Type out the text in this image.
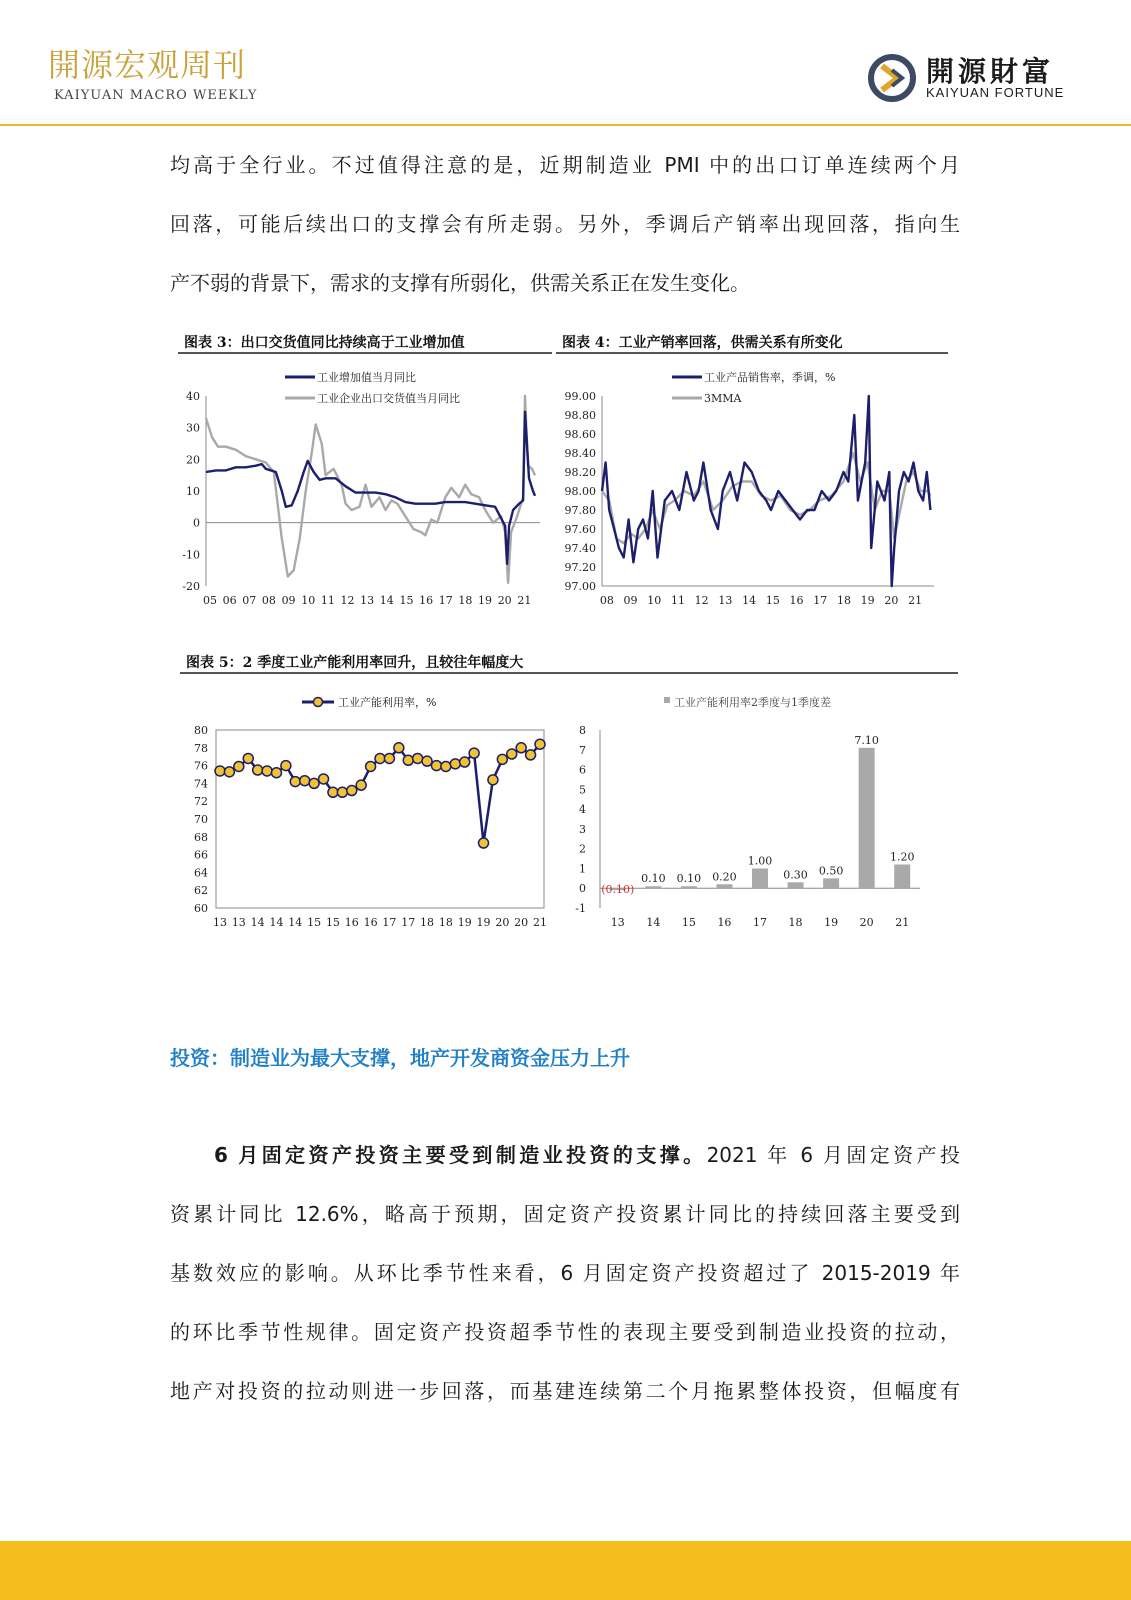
開源宏观周刊
KAIYUAN MACRO WEEKLY
開源財富
KAIYUAN FORTUNE
均高于全行业。不过值得注意的是，近期制造业 PMI 中的出口订单连续两个月
回落，可能后续出口的支撑会有所走弱。另外，季调后产销率出现回落，指向生
产不弱的背景下，需求的支撑有所弱化，供需关系正在发生变化。
图表 3：出口交货值同比持续高于工业增加值
40
30
20
10
0
-10
-20
05 06 07 08 09 10 11 12 13 14 15 16 17 18 19 20 21
工业增加值当月同比
工业企业出口交货值当月同比
图表 4：工业产销率回落，供需关系有所变化
99.00
98.80
98.60
98.40
98.20
98.00
97.80
97.60
97.40
97.20
97.00
08 09 10 11 12 13 14 15 16 17 18 19 20 21
工业产品销售率，季调，%
3MMA
图表 5：2 季度工业产能利用率回升，且较往年幅度大
80
78
76
74
72
70
68
66
64
62
60
13 13 14 14 14 15 15 16 16 17 17 18 18 19 19 20 20 21
工业产能利用率，%
8
7
6
5
4
3
2
1
0
-1
(0.10)
13
0.10
14
0.10
15
0.20
16
1.00
17
0.30
18
0.50
19
7.10
20
1.20
21
工业产能利用率2季度与1季度差
投资：制造业为最大支撑，地产开发商资金压力上升
6 月固定资产投资主要受到制造业投资的支撑。2021 年 6 月固定资产投
资累计同比 12.6%，略高于预期，固定资产投资累计同比的持续回落主要受到
基数效应的影响。从环比季节性来看，6 月固定资产投资超过了 2015-2019 年
的环比季节性规律。固定资产投资超季节性的表现主要受到制造业投资的拉动，
地产对投资的拉动则进一步回落，而基建连续第二个月拖累整体投资，但幅度有
